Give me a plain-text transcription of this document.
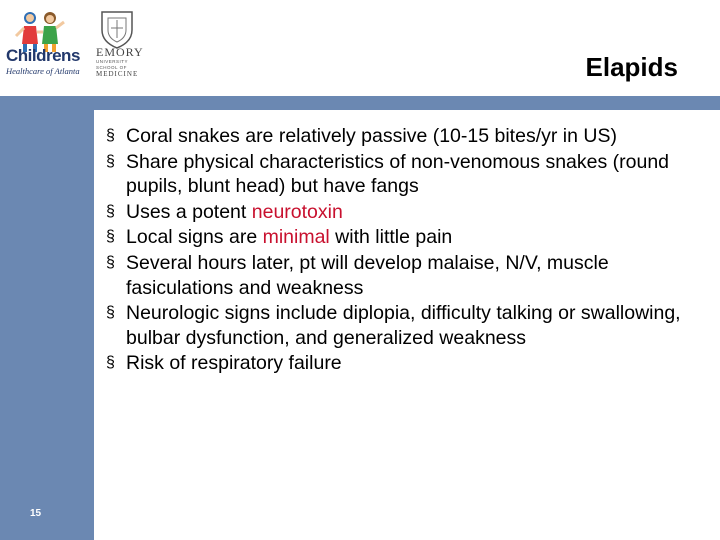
Childrens
Healthcare of Atlanta
EMORY
UNIVERSITY
SCHOOL OF
MEDICINE	Elapids
§ Coral snakes are relatively passive (10-15 bites/yr in US)
§ Share physical characteristics of non-venomous snakes (round pupils, blunt head) but have fangs
§ Uses a potent neurotoxin
§ Local signs are minimal with little pain
§ Several hours later, pt will develop malaise, N/V, muscle fasiculations and weakness
§ Neurologic signs include diplopia, difficulty talking or swallowing, bulbar dysfunction, and generalized weakness
§ Risk of respiratory failure
15
